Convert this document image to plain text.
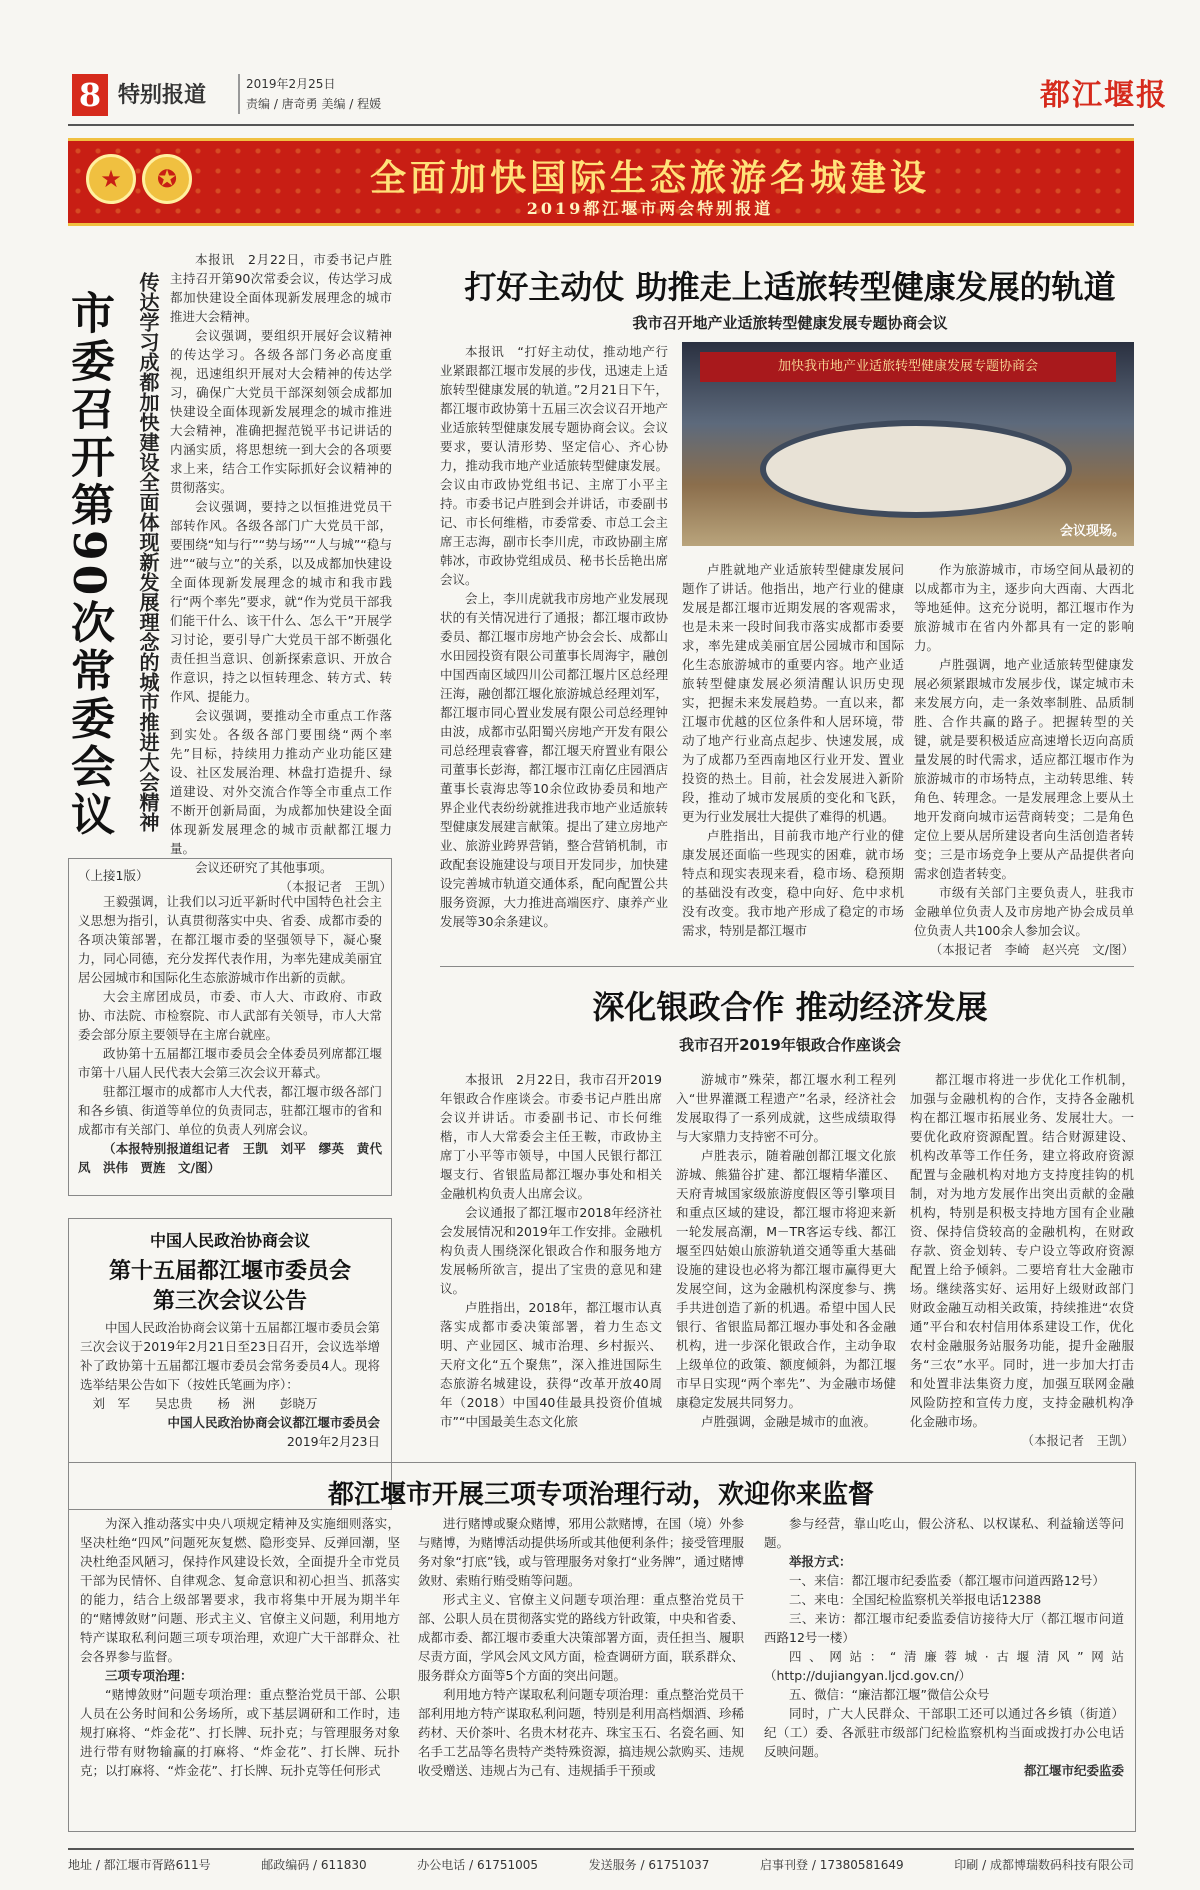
8 特别报道	2019年2月25日
责编 / 唐奇勇 美编 / 程媛	都江堰报
★	✪	全面加快国际生态旅游名城建设
2019都江堰市两会特别报道
市委召开第90次常委会议	传达学习成都加快建设全面体现新发展理念的城市推进大会精神

本报讯　2月22日，市委书记卢胜主持召开第90次常委会议，传达学习成都加快建设全面体现新发展理念的城市推进大会精神。

会议强调，要组织开展好会议精神的传达学习。各级各部门务必高度重视，迅速组织开展对大会精神的传达学习，确保广大党员干部深刻领会成都加快建设全面体现新发展理念的城市推进大会精神，准确把握范锐平书记讲话的内涵实质，将思想统一到大会的各项要求上来，结合工作实际抓好会议精神的贯彻落实。

会议强调，要持之以恒推进党员干部转作风。各级各部门广大党员干部，要围绕“知与行”“势与场”“人与城”“稳与进”“破与立”的关系，以及成都加快建设全面体现新发展理念的城市和我市践行“两个率先”要求，就“作为党员干部我们能干什么、该干什么、怎么干”开展学习讨论，要引导广大党员干部不断强化责任担当意识、创新探索意识、开放合作意识，持之以恒转理念、转方式、转作风、提能力。

会议强调，要推动全市重点工作落到实处。各级各部门要围绕“两个率先”目标，持续用力推动产业功能区建设、社区发展治理、林盘打造提升、绿道建设、对外交流合作等全市重点工作不断开创新局面，为成都加快建设全面体现新发展理念的城市贡献都江堰力量。

会议还研究了其他事项。

（本报记者　王凯）
（上接1版）

王毅强调，让我们以习近平新时代中国特色社会主义思想为指引，认真贯彻落实中央、省委、成都市委的各项决策部署，在都江堰市委的坚强领导下，凝心聚力，同心同德，充分发挥代表作用，为率先建成美丽宜居公园城市和国际化生态旅游城市作出新的贡献。

大会主席团成员，市委、市人大、市政府、市政协、市法院、市检察院、市人武部有关领导，市人大常委会部分原主要领导在主席台就座。

政协第十五届都江堰市委员会全体委员列席都江堰市第十八届人民代表大会第三次会议开幕式。

驻都江堰市的成都市人大代表，都江堰市级各部门和各乡镇、街道等单位的负责同志，驻都江堰市的省和成都市有关部门、单位的负责人列席会议。

（本报特别报道组记者　王凯　刘平　缪英　黄代凤　洪伟　贾旌　文/图）

中国人民政治协商会议
第十五届都江堰市委员会
第三次会议公告

中国人民政治协商会议第十五届都江堰市委员会第三次会议于2019年2月21日至23日召开，会议选举增补了政协第十五届都江堰市委员会常务委员4人。现将选举结果公告如下（按姓氏笔画为序）：

刘　军　　吴忠贵　　杨　洲　　彭晓万
中国人民政治协商会议都江堰市委员会
2019年2月23日
打好主动仗 助推走上适旅转型健康发展的轨道
我市召开地产业适旅转型健康发展专题协商会议
加快我市地产业适旅转型健康发展专题协商会
会议现场。

本报讯　“打好主动仗，推动地产行业紧跟都江堰市发展的步伐，迅速走上适旅转型健康发展的轨道。”2月21日下午，都江堰市政协第十五届三次会议召开地产业适旅转型健康发展专题协商会议。会议要求，要认清形势、坚定信心、齐心协力，推动我市地产业适旅转型健康发展。会议由市政协党组书记、主席丁小平主持。市委书记卢胜到会并讲话，市委副书记、市长何维楷，市委常委、市总工会主席王志海，副市长李川虎，市政协副主席韩冰，市政协党组成员、秘书长岳艳出席会议。

会上，李川虎就我市房地产业发展现状的有关情况进行了通报；都江堰市政协委员、都江堰市房地产协会会长、成都山水田园投资有限公司董事长周海宇，融创中国西南区域四川公司都江堰片区总经理汪海，融创都江堰化旅游城总经理刘军，都江堰市同心置业发展有限公司总经理钟由波，成都市弘阳蜀兴房地产开发有限公司总经理袁睿睿，都江堰天府置业有限公司董事长彭海，都江堰市江南亿庄园酒店董事长袁海忠等10余位政协委员和地产界企业代表纷纷就推进我市地产业适旅转型健康发展建言献策。提出了建立房地产业、旅游业跨界营销，整合营销机制，市政配套设施建设与项目开发同步，加快建设完善城市轨道交通体系，配向配置公共服务资源，大力推进高端医疗、康养产业发展等30余条建议。

卢胜就地产业适旅转型健康发展问题作了讲话。他指出，地产行业的健康发展是都江堰市近期发展的客观需求，也是未来一段时间我市落实成都市委要求，率先建成美丽宜居公园城市和国际化生态旅游城市的重要内容。地产业适旅转型健康发展必须清醒认识历史现实，把握未来发展趋势。一直以来，都江堰市优越的区位条件和人居环境，带动了地产行业高点起步、快速发展，成为了成都乃至西南地区行业开发、置业投资的热土。目前，社会发展进入新阶段，推动了城市发展质的变化和飞跃，更为行业发展壮大提供了难得的机遇。

卢胜指出，目前我市地产行业的健康发展还面临一些现实的困难，就市场特点和现实表现来看，稳市场、稳预期的基础没有改变，稳中向好、危中求机没有改变。我市地产形成了稳定的市场需求，特别是都江堰市

作为旅游城市，市场空间从最初的以成都市为主，逐步向大西南、大西北等地延伸。这充分说明，都江堰市作为旅游城市在省内外都具有一定的影响力。

卢胜强调，地产业适旅转型健康发展必须紧跟城市发展步伐，谋定城市未来发展方向，走一条效率制胜、品质制胜、合作共赢的路子。把握转型的关键，就是要积极适应高速增长迈向高质量发展的时代需求，适应都江堰市作为旅游城市的市场特点，主动转思维、转角色、转理念。一是发展理念上要从土地开发商向城市运营商转变；二是角色定位上要从居所建设者向生活创造者转变；三是市场竞争上要从产品提供者向需求创造者转变。

市级有关部门主要负责人，驻我市金融单位负责人及市房地产协会成员单位负责人共100余人参加会议。

（本报记者　李崎　赵兴亮　文/图）
深化银政合作 推动经济发展
我市召开2019年银政合作座谈会

本报讯　2月22日，我市召开2019年银政合作座谈会。市委书记卢胜出席会议并讲话。市委副书记、市长何维楷，市人大常委会主任王鞍，市政协主席丁小平等市领导，中国人民银行都江堰支行、省银监局都江堰办事处和相关金融机构负责人出席会议。

会议通报了都江堰市2018年经济社会发展情况和2019年工作安排。金融机构负责人围绕深化银政合作和服务地方发展畅所欲言，提出了宝贵的意见和建议。

卢胜指出，2018年，都江堰市认真落实成都市委决策部署，着力生态文明、产业园区、城市治理、乡村振兴、天府文化“五个聚焦”，深入推进国际生态旅游名城建设，获得“改革开放40周年（2018）中国40佳最具投资价值城市”“中国最美生态文化旅

游城市”殊荣，都江堰水利工程列入“世界灌溉工程遗产”名录，经济社会发展取得了一系列成就，这些成绩取得与大家鼎力支持密不可分。

卢胜表示，随着融创都江堰文化旅游城、熊猫谷扩建、都江堰精华灌区、天府青城国家级旅游度假区等引擎项目和重点区域的建设，都江堰市将迎来新一轮发展高潮，M－TR客运专线、都江堰至四姑娘山旅游轨道交通等重大基础设施的建设也必将为都江堰市赢得更大发展空间，这为金融机构深度参与、携手共进创造了新的机遇。希望中国人民银行、省银监局都江堰办事处和各金融机构，进一步深化银政合作，主动争取上级单位的政策、额度倾斜，为都江堰市早日实现“两个率先”、为金融市场健康稳定发展共同努力。

卢胜强调，金融是城市的血液。

都江堰市将进一步优化工作机制，加强与金融机构的合作，支持各金融机构在都江堰市拓展业务、发展壮大。一要优化政府资源配置。结合财源建设、机构改革等工作任务，建立将政府资源配置与金融机构对地方支持度挂钩的机制，对为地方发展作出突出贡献的金融机构，特别是积极支持地方国有企业融资、保持信贷较高的金融机构，在财政存款、资金划转、专户设立等政府资源配置上给予倾斜。二要培育壮大金融市场。继续落实好、运用好上级财政部门财政金融互动相关政策，持续推进“农贷通”平台和农村信用体系建设工作，优化农村金融服务站服务功能，提升金融服务“三农”水平。同时，进一步加大打击和处置非法集资力度，加强互联网金融风险防控和宣传力度，支持金融机构净化金融市场。

（本报记者　王凯）
都江堰市开展三项专项治理行动，欢迎你来监督

为深入推动落实中央八项规定精神及实施细则落实，坚决杜绝“四风”问题死灰复燃、隐形变异、反弹回潮，坚决杜绝歪风陋习，保持作风建设长效，全面提升全市党员干部为民情怀、自律观念、复命意识和初心担当、抓落实的能力，结合上级部署要求，我市将集中开展为期半年的“赌博敛财”问题、形式主义、官僚主义问题，利用地方特产谋取私利问题三项专项治理，欢迎广大干部群众、社会各界参与监督。

三项专项治理：

“赌博敛财”问题专项治理：重点整治党员干部、公职人员在公务时间和公务场所，或下基层调研和工作时，违规打麻将、“炸金花”、打长牌、玩扑克；与管理服务对象进行带有财物输赢的打麻将、“炸金花”、打长牌、玩扑克；以打麻将、“炸金花”、打长牌、玩扑克等任何形式

进行赌博或聚众赌博，邪用公款赌博，在国（境）外参与赌博，为赌博活动提供场所或其他便利条件；接受管理服务对象“打底”钱，或与管理服务对象打“业务牌”，通过赌博敛财、索贿行贿受贿等问题。

形式主义、官僚主义问题专项治理：重点整治党员干部、公职人员在贯彻落实党的路线方针政策，中央和省委、成都市委、都江堰市委重大决策部署方面，责任担当、履职尽责方面，学风会风文风方面，检查调研方面，联系群众、服务群众方面等5个方面的突出问题。

利用地方特产谋取私利问题专项治理：重点整治党员干部利用地方特产谋取私利问题，特别是利用高档烟酒、珍稀药材、天价茶叶、名贵木材花卉、珠宝玉石、名瓷名画、知名手工艺品等名贵特产类特殊资源，搞违规公款购买、违规收受赠送、违规占为己有、违规插手干预或

参与经营，靠山吃山，假公济私、以权谋私、利益输送等问题。

举报方式：

一、来信：都江堰市纪委监委（都江堰市问道西路12号）

二、来电：全国纪检监察机关举报电话12388

三、来访：都江堰市纪委监委信访接待大厅（都江堰市问道西路12号一楼）

四、网站：“清廉蓉城·古堰清风”网站（http://dujiangyan.ljcd.gov.cn/）

五、微信：“廉洁都江堰”微信公众号

同时，广大人民群众、干部职工还可以通过各乡镇（街道）纪（工）委、各派驻市级部门纪检监察机构当面或拨打办公电话反映问题。

都江堰市纪委监委
地址 / 都江堰市胥路611号	邮政编码 / 611830	办公电话 / 61751005	发送服务 / 61751037	启事刊登 / 17380581649	印刷 / 成都博瑞数码科技有限公司
